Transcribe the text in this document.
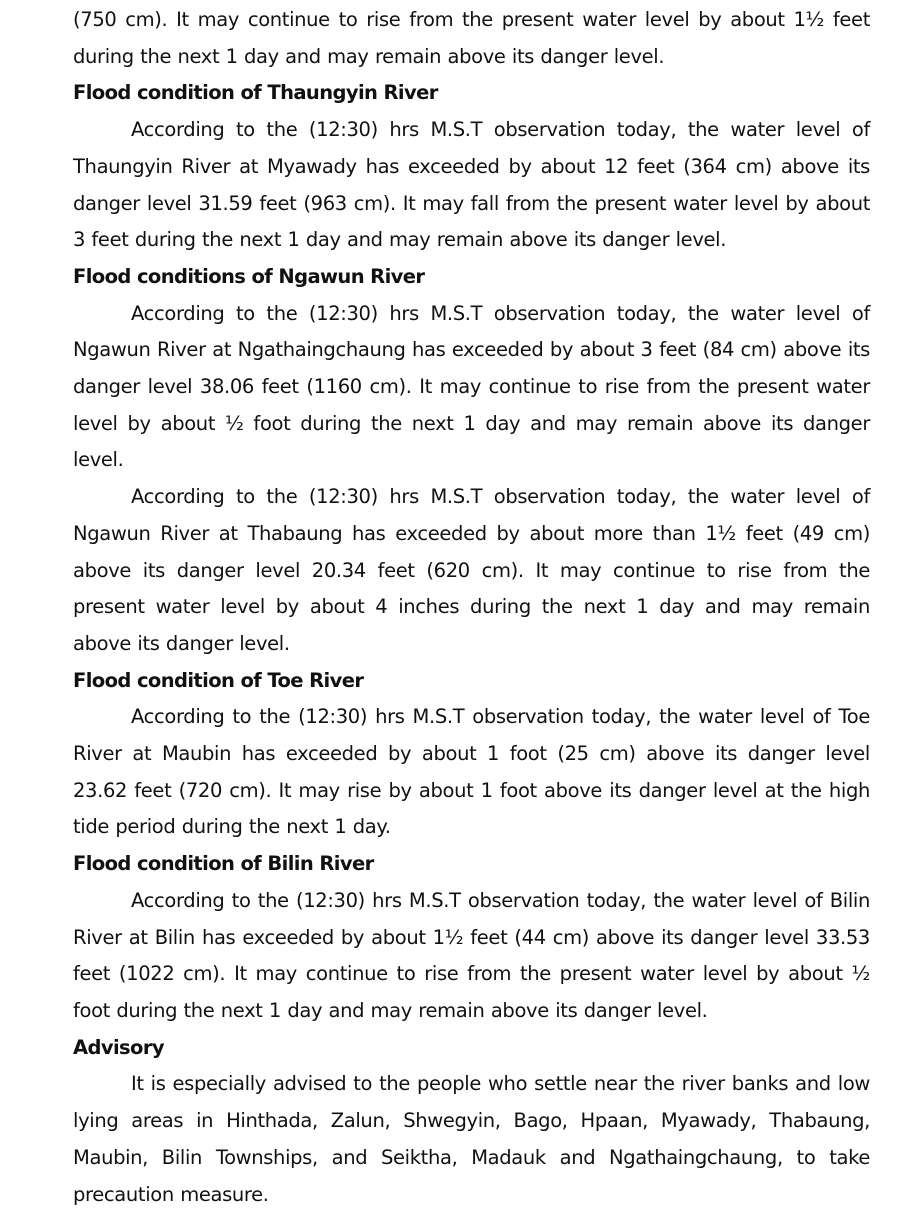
(750 cm). It may continue to rise from the present water level by about 1½ feet during the next 1 day and may remain above its danger level.

Flood condition of Thaungyin River

According to the (12:30) hrs M.S.T observation today, the water level of Thaungyin River at Myawady has exceeded by about 12 feet (364 cm) above its danger level 31.59 feet (963 cm). It may fall from the present water level by about 3 feet during the next 1 day and may remain above its danger level.

Flood conditions of Ngawun River

According to the (12:30) hrs M.S.T observation today, the water level of Ngawun River at Ngathaingchaung has exceeded by about 3 feet (84 cm) above its danger level 38.06 feet (1160 cm). It may continue to rise from the present water level by about ½ foot during the next 1 day and may remain above its danger level.

According to the (12:30) hrs M.S.T observation today, the water level of Ngawun River at Thabaung has exceeded by about more than 1½ feet (49 cm) above its danger level 20.34 feet (620 cm). It may continue to rise from the present water level by about 4 inches during the next 1 day and may remain above its danger level.

Flood condition of Toe River

According to the (12:30) hrs M.S.T observation today, the water level of Toe River at Maubin has exceeded by about 1 foot (25 cm) above its danger level 23.62 feet (720 cm). It may rise by about 1 foot above its danger level at the high tide period during the next 1 day.

Flood condition of Bilin River

According to the (12:30) hrs M.S.T observation today, the water level of Bilin River at Bilin has exceeded by about 1½ feet (44 cm) above its danger level 33.53 feet (1022 cm). It may continue to rise from the present water level by about ½ foot during the next 1 day and may remain above its danger level.

Advisory

It is especially advised to the people who settle near the river banks and low lying areas in Hinthada, Zalun, Shwegyin, Bago, Hpaan, Myawady, Thabaung, Maubin, Bilin Townships, and Seiktha, Madauk and Ngathaingchaung, to take precaution measure.
